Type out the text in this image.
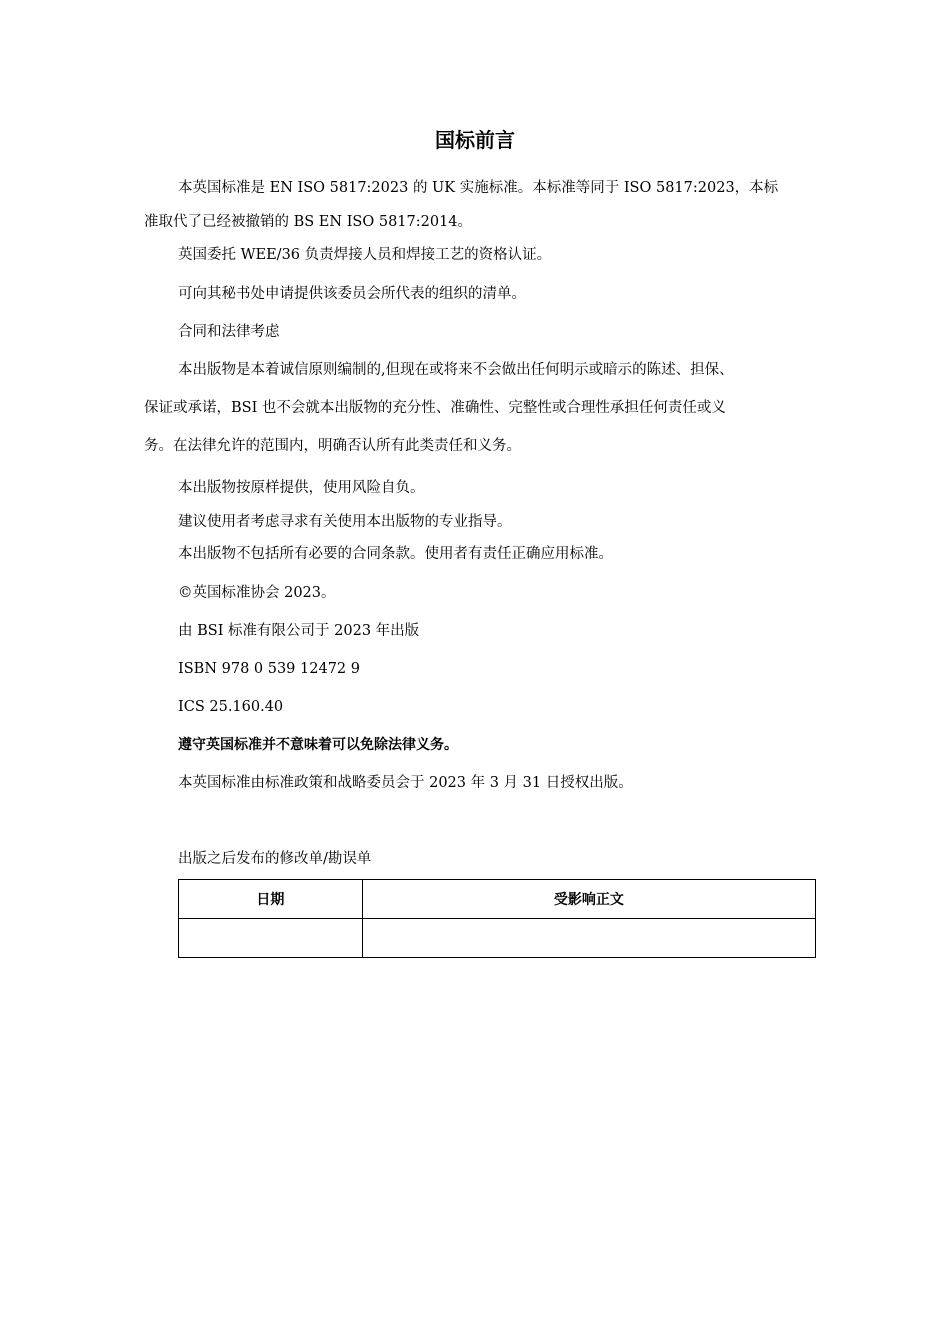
国标前言
本英国标准是 EN ISO 5817:2023 的 UK 实施标准。本标准等同于 ISO 5817:2023，本标
准取代了已经被撤销的 BS EN ISO 5817:2014。
英国委托 WEE/36 负责焊接人员和焊接工艺的资格认证。
可向其秘书处申请提供该委员会所代表的组织的清单。
合同和法律考虑
本出版物是本着诚信原则编制的,但现在或将来不会做出任何明示或暗示的陈述、担保、
保证或承诺，BSI 也不会就本出版物的充分性、准确性、完整性或合理性承担任何责任或义
务。在法律允许的范围内，明确否认所有此类责任和义务。
本出版物按原样提供，使用风险自负。
建议使用者考虑寻求有关使用本出版物的专业指导。
本出版物不包括所有必要的合同条款。使用者有责任正确应用标准。
©英国标准协会 2023。
由 BSI 标准有限公司于 2023 年出版
ISBN 978 0 539 12472 9
ICS 25.160.40
遵守英国标准并不意味着可以免除法律义务。
本英国标准由标准政策和战略委员会于 2023 年 3 月 31 日授权出版。
出版之后发布的修改单/勘误单
日期	受影响正文
